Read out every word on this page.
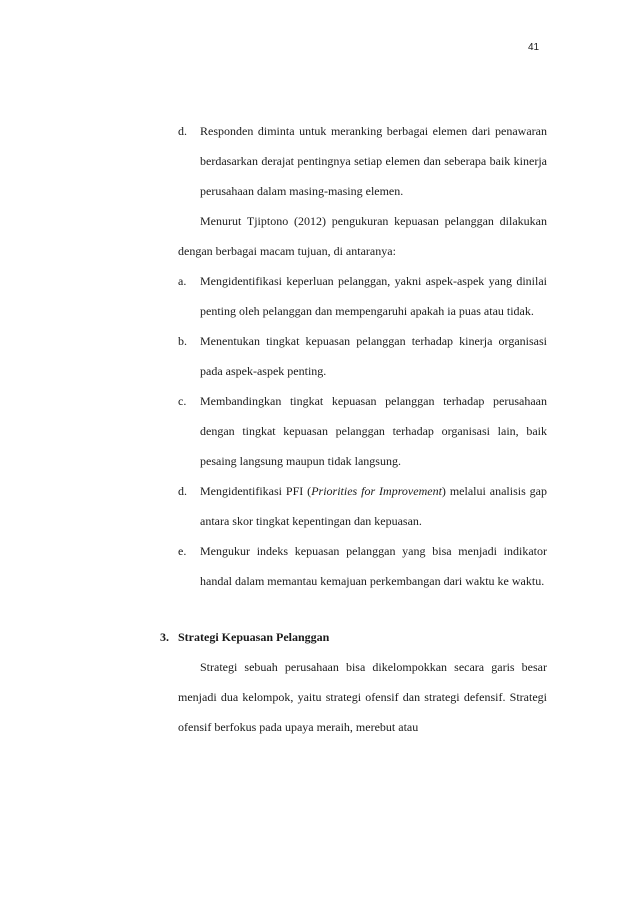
41
d. Responden diminta untuk meranking berbagai elemen dari penawaran berdasarkan derajat pentingnya setiap elemen dan seberapa baik kinerja perusahaan dalam masing-masing elemen.
Menurut Tjiptono (2012) pengukuran kepuasan pelanggan dilakukan dengan berbagai macam tujuan, di antaranya:
a. Mengidentifikasi keperluan pelanggan, yakni aspek-aspek yang dinilai penting oleh pelanggan dan mempengaruhi apakah ia puas atau tidak.
b. Menentukan tingkat kepuasan pelanggan terhadap kinerja organisasi pada aspek-aspek penting.
c. Membandingkan tingkat kepuasan pelanggan terhadap perusahaan dengan tingkat kepuasan pelanggan terhadap organisasi lain, baik pesaing langsung maupun tidak langsung.
d. Mengidentifikasi PFI (Priorities for Improvement) melalui analisis gap antara skor tingkat kepentingan dan kepuasan.
e. Mengukur indeks kepuasan pelanggan yang bisa menjadi indikator handal dalam memantau kemajuan perkembangan dari waktu ke waktu.
3. Strategi Kepuasan Pelanggan
Strategi sebuah perusahaan bisa dikelompokkan secara garis besar menjadi dua kelompok, yaitu strategi ofensif dan strategi defensif. Strategi ofensif berfokus pada upaya meraih, merebut atau
